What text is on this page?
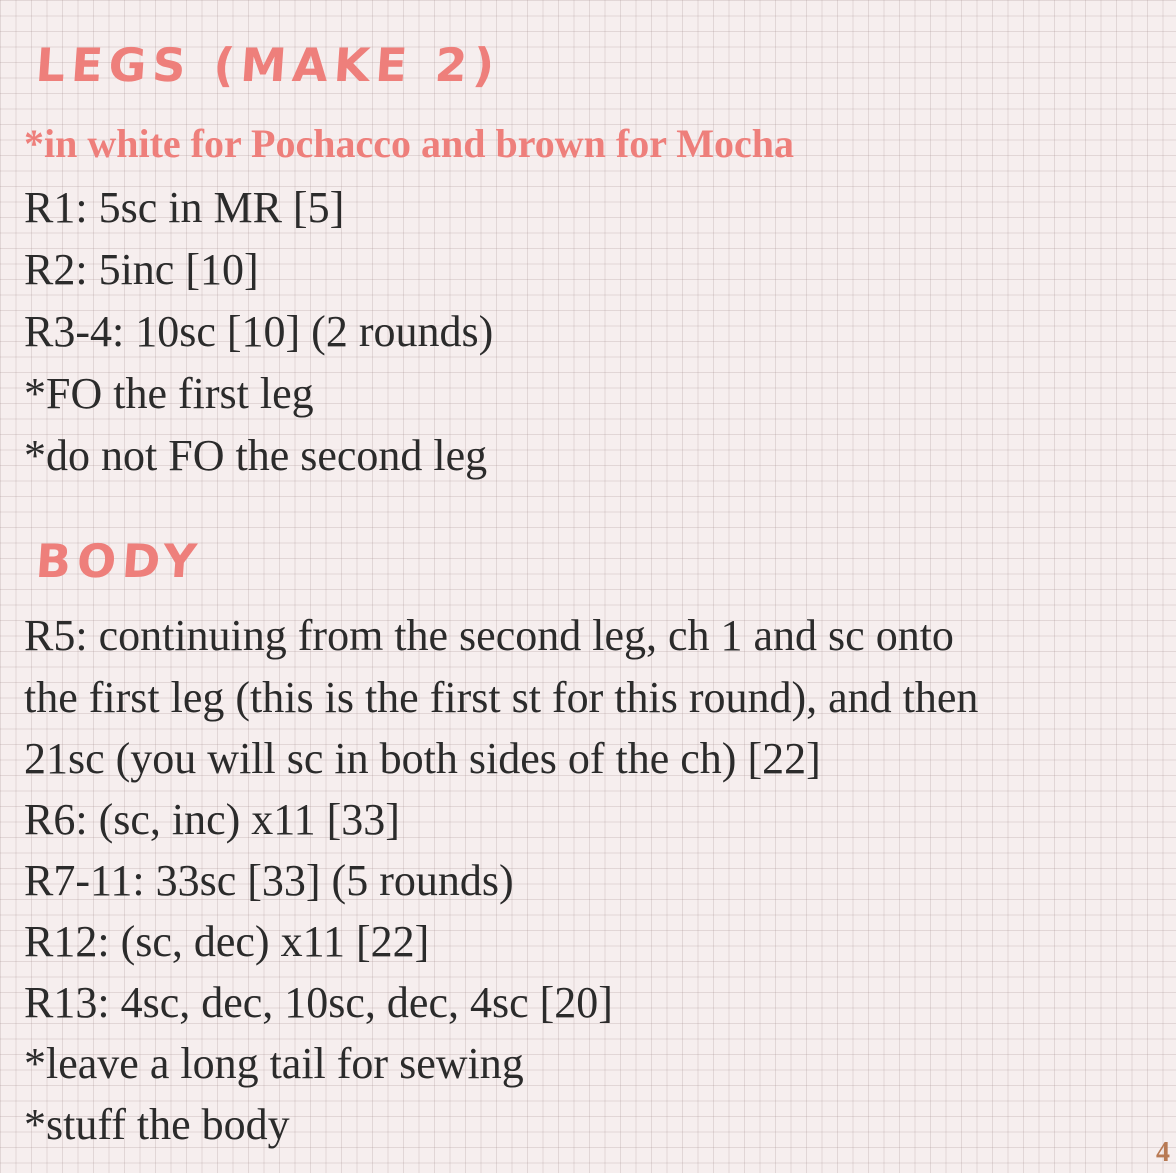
LEGS (MAKE 2)
*in white for Pochacco and brown for Mocha
R1: 5sc in MR [5]
R2: 5inc [10]
R3-4: 10sc [10] (2 rounds)
*FO the first leg
*do not FO the second leg
BODY
R5: continuing from the second leg, ch 1 and sc onto
the first leg (this is the first st for this round), and then
21sc (you will sc in both sides of the ch) [22]
R6: (sc, inc) x11 [33]
R7-11: 33sc [33] (5 rounds)
R12: (sc, dec) x11 [22]
R13: 4sc, dec, 10sc, dec, 4sc [20]
*leave a long tail for sewing
*stuff the body
4
